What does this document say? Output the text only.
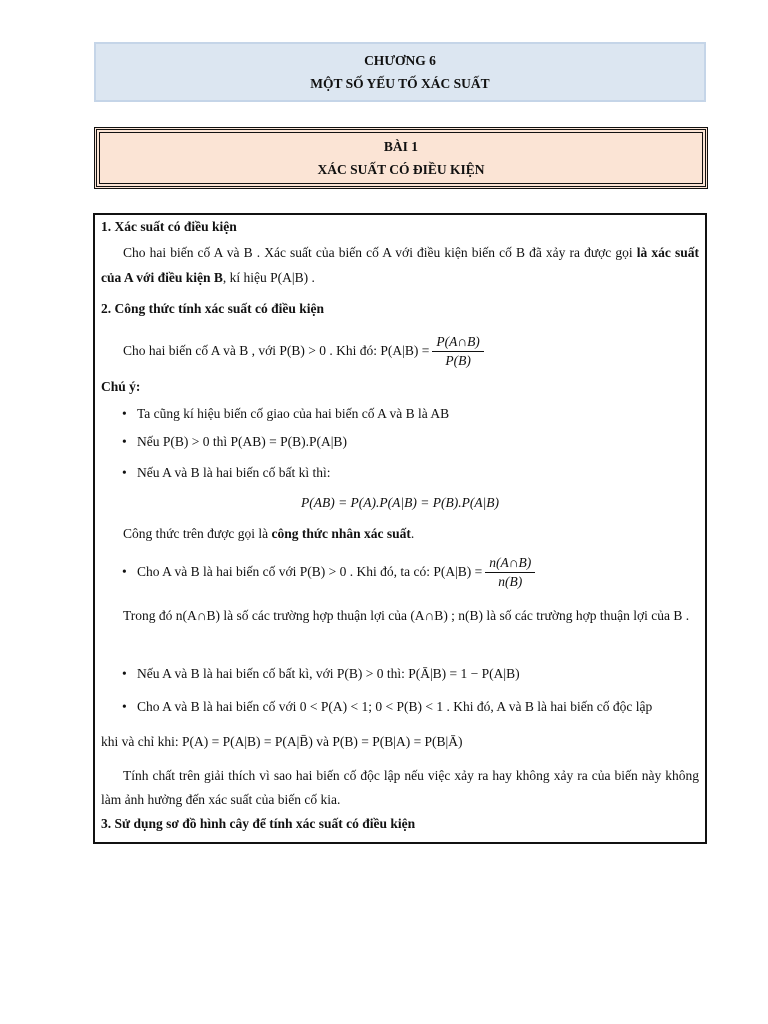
CHƯƠNG 6
MỘT SỐ YẾU TỐ XÁC SUẤT
BÀI 1
XÁC SUẤT CÓ ĐIỀU KIỆN
1. Xác suất có điều kiện
Cho hai biến cố A và B . Xác suất của biến cố A với điều kiện biến cố B đã xảy ra được gọi là xác suất của A với điều kiện B, kí hiệu P(A|B) .
2. Công thức tính xác suất có điều kiện
Cho hai biến cố A và B , với P(B) > 0 . Khi đó: $P(A|B) = \frac{P(A\cap B)}{P(B)}$
Chú ý:
• Ta cũng kí hiệu biến cố giao của hai biến cố A và B là AB
• Nếu P(B) > 0 thì P(AB) = P(B).P(A|B)
• Nếu A và B là hai biến cố bất kì thì:
P(AB) = P(A).P(A|B) = P(B).P(A|B)
Công thức trên được gọi là công thức nhân xác suất.
• Cho A và B là hai biến cố với P(B) > 0 . Khi đó, ta có: $P(A|B) = \frac{n(A\cap B)}{n(B)}$
Trong đó n(A∩B) là số các trường hợp thuận lợi của (A∩B) ; n(B) là số các trường hợp thuận lợi của B .
• Nếu A và B là hai biến cố bất kì, với P(B) > 0 thì: P(Ā|B) = 1 − P(A|B)
• Cho A và B là hai biến cố với 0 < P(A) < 1; 0 < P(B) < 1 . Khi đó, A và B là hai biến cố độc lập
khi và chỉ khi: P(A) = P(A|B) = P(A|B̄) và P(B) = P(B|A) = P(B|Ā)
Tính chất trên giải thích vì sao hai biến cố độc lập nếu việc xảy ra hay không xảy ra của biến này không làm ảnh hưởng đến xác suất của biến cố kia.
3. Sử dụng sơ đồ hình cây để tính xác suất có điều kiện
